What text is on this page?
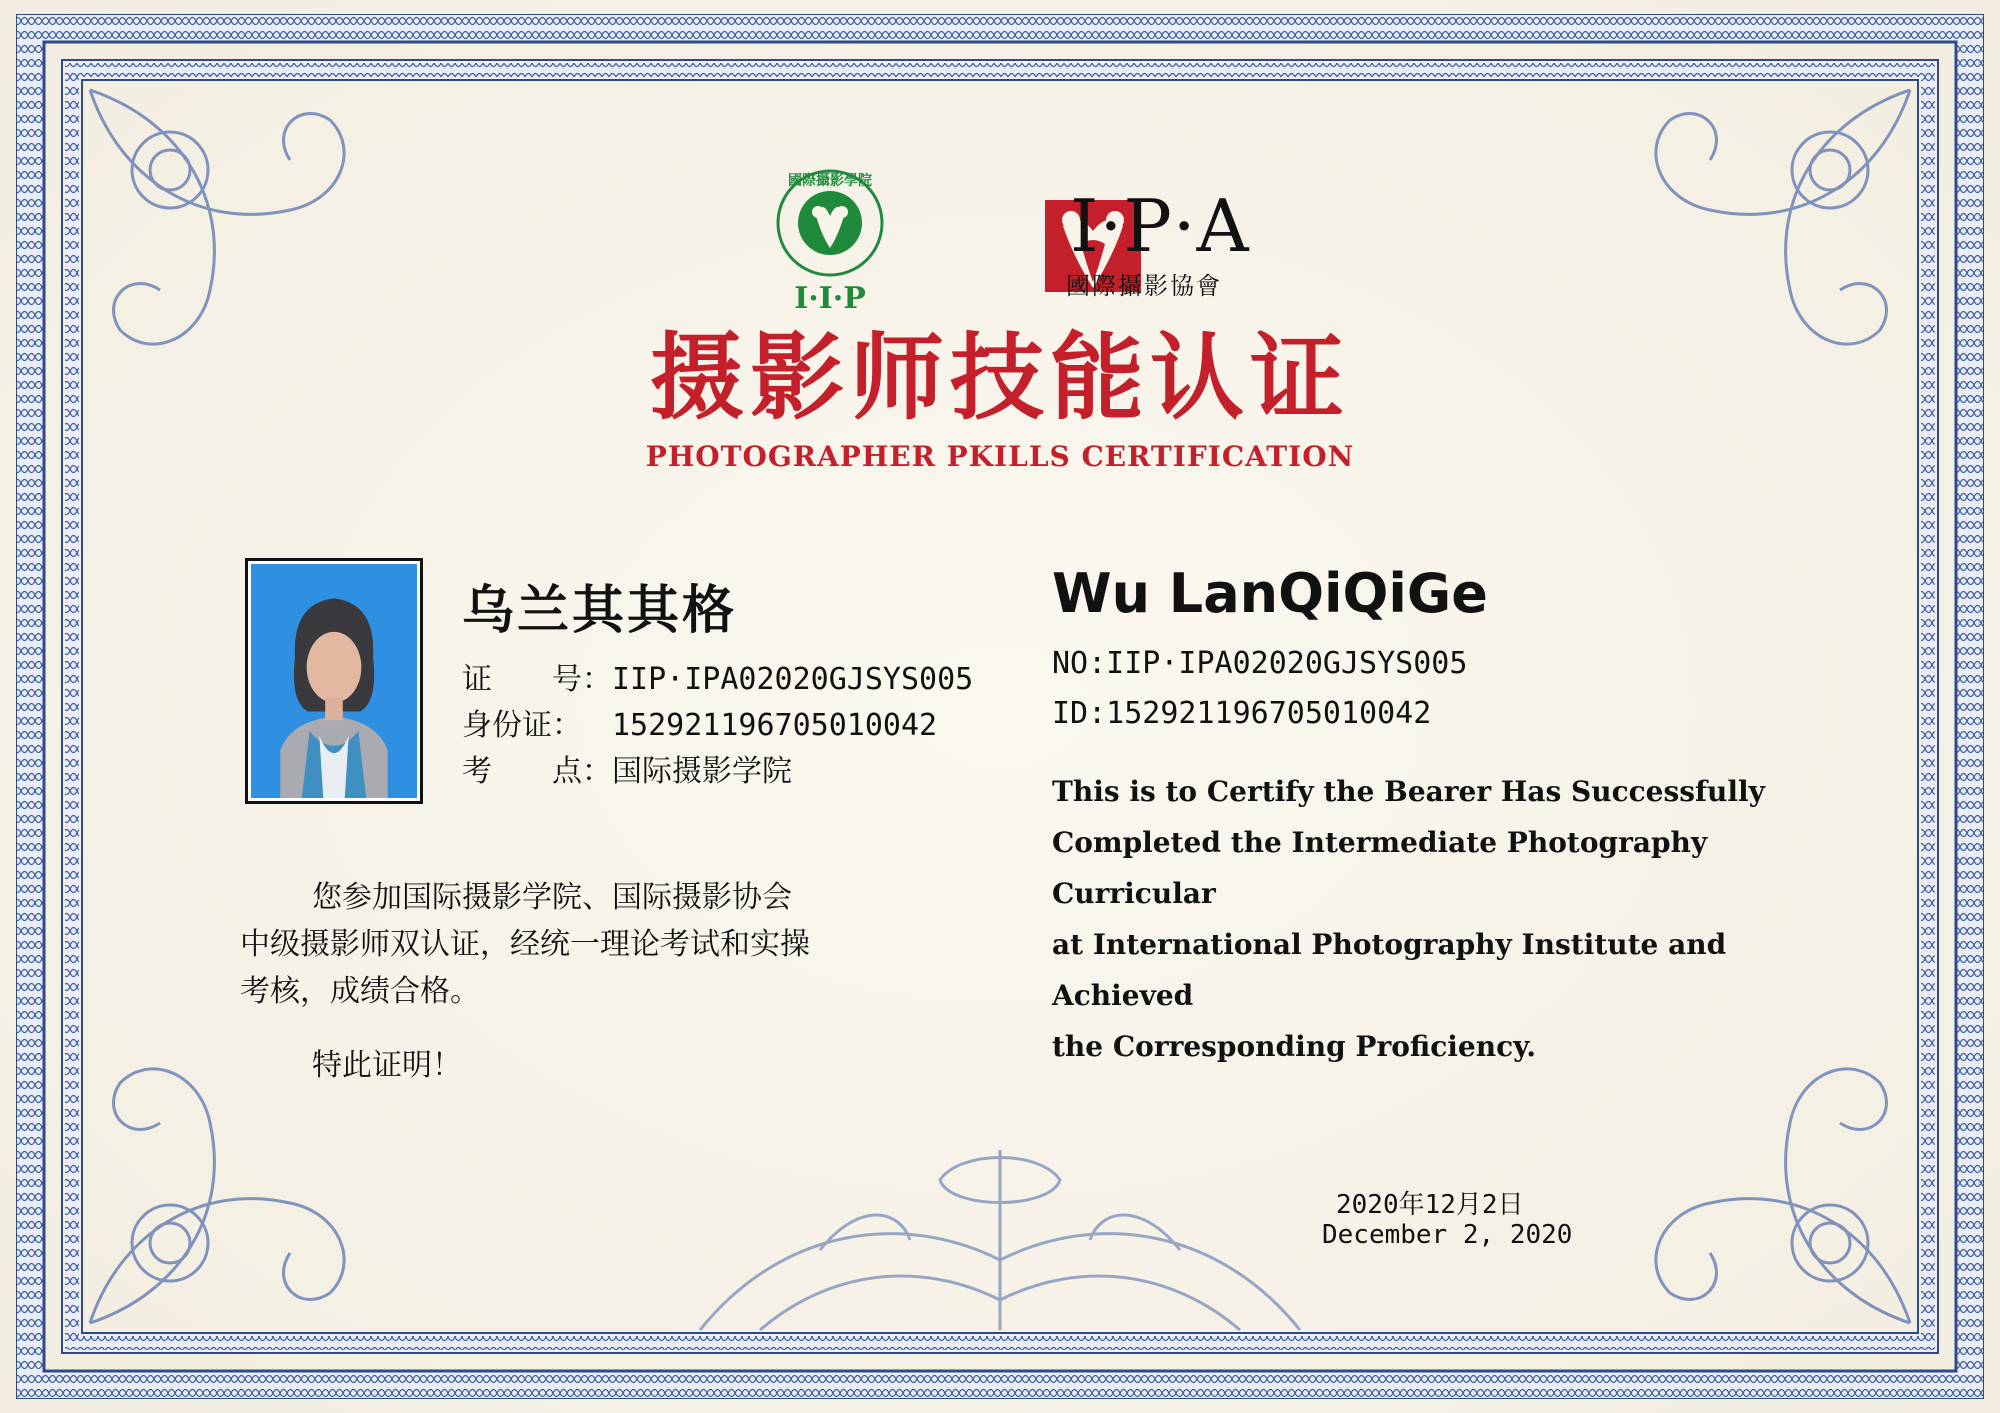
I·I·P
國際攝影學院
I·P·A
國際攝影協會
摄影师技能认证
PHOTOGRAPHER PKILLS CERTIFICATION
乌兰其其格
证　　号：IIP·IPA02020GJSYS005
身份证： 152921196705010042
考　　点：国际摄影学院
您参加国际摄影学院、国际摄影协会
中级摄影师双认证，经统一理论考试和实操
考核，成绩合格。
特此证明！
Wu LanQiQiGe
NO:IIP·IPA02020GJSYS005
ID:152921196705010042
This is to Certify the Bearer Has Successfully
Completed the Intermediate Photography Curricular
at International Photography Institute and Achieved
the Corresponding Proficiency.
2020年12月2日
December 2, 2020
